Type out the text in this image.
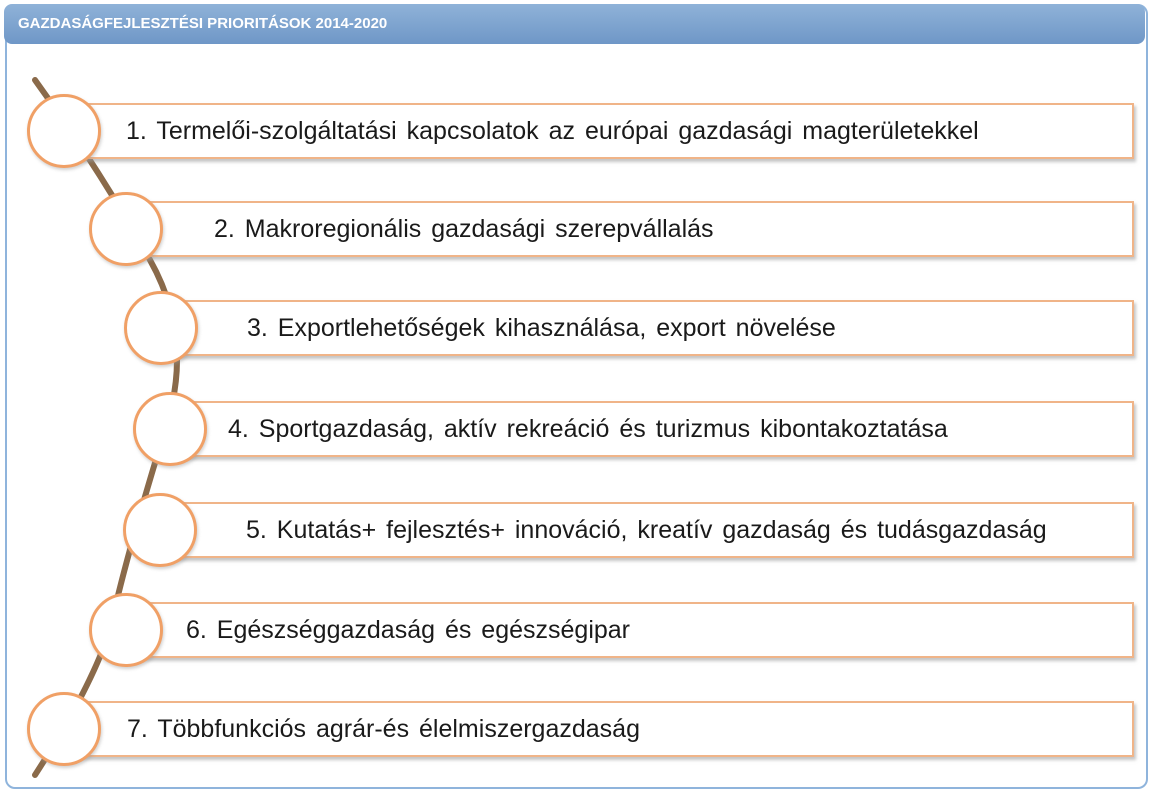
GAZDASÁGFEJLESZTÉSI PRIORITÁSOK 2014-2020
1. Termelői-szolgáltatási kapcsolatok az európai gazdasági magterületekkel
2. Makroregionális gazdasági szerepvállalás
3. Exportlehetőségek kihasználása, export növelése
4. Sportgazdaság, aktív rekreáció és turizmus kibontakoztatása
5. Kutatás+ fejlesztés+ innováció, kreatív gazdaság és tudásgazdaság
6. Egészséggazdaság és egészségipar
7. Többfunkciós agrár-és élelmiszergazdaság
